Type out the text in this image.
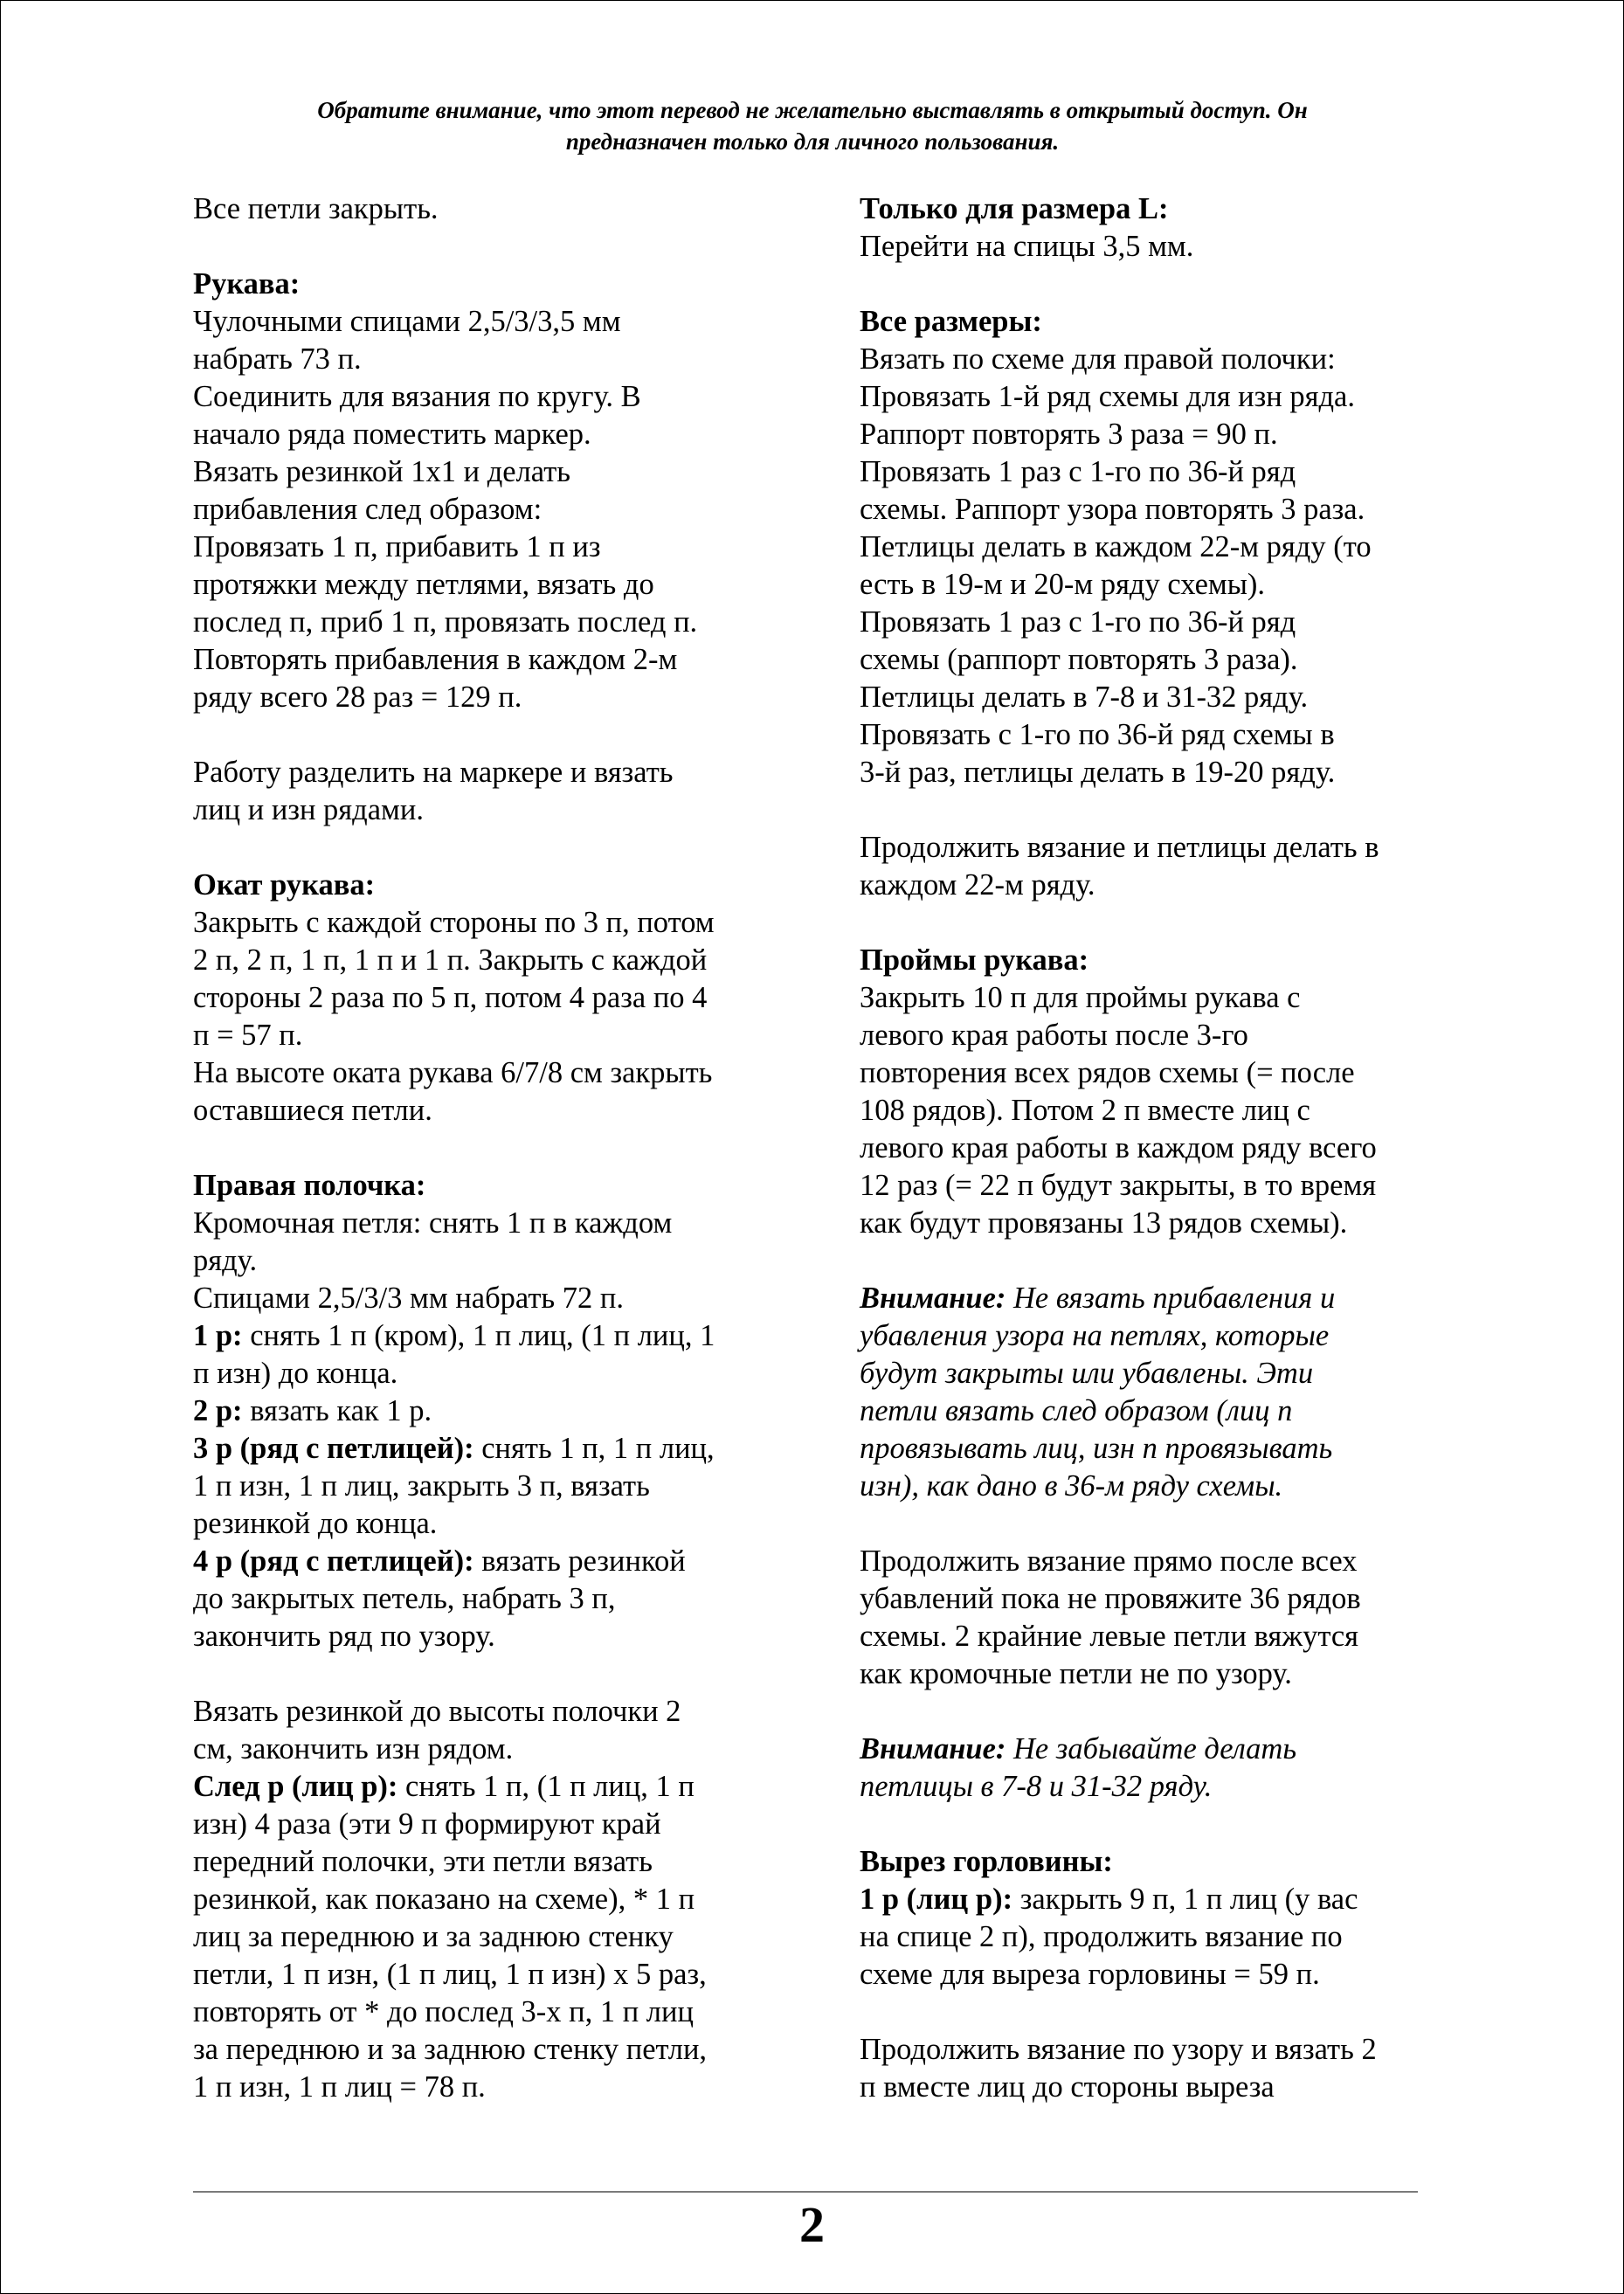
Обратите внимание, что этот перевод не желательно выставлять в открытый доступ. Он
предназначен только для личного пользования.
Все петли закрыть.
Рукава:
Чулочными спицами 2,5/3/3,5 мм
набрать 73 п.
Соединить для вязания по кругу. В
начало ряда поместить маркер.
Вязать резинкой 1х1 и делать
прибавления след образом:
Провязать 1 п, прибавить 1 п из
протяжки между петлями, вязать до
послед п, приб 1 п, провязать послед п.
Повторять прибавления в каждом 2-м
ряду всего 28 раз = 129 п.
Работу разделить на маркере и вязать
лиц и изн рядами.
Окат рукава:
Закрыть с каждой стороны по 3 п, потом
2 п, 2 п, 1 п, 1 п и 1 п. Закрыть с каждой
стороны 2 раза по 5 п, потом 4 раза по 4
п = 57 п.
На высоте оката рукава 6/7/8 см закрыть
оставшиеся петли.
Правая полочка:
Кромочная петля: снять 1 п в каждом
ряду.
Спицами 2,5/3/3 мм набрать 72 п.
1 р: снять 1 п (кром), 1 п лиц, (1 п лиц, 1
п изн) до конца.
2 р: вязать как 1 р.
3 р (ряд с петлицей): снять 1 п, 1 п лиц,
1 п изн, 1 п лиц, закрыть 3 п, вязать
резинкой до конца.
4 р (ряд с петлицей): вязать резинкой
до закрытых петель, набрать 3 п,
закончить ряд по узору.
Вязать резинкой до высоты полочки 2
см, закончить изн рядом.
След р (лиц р): снять 1 п, (1 п лиц, 1 п
изн) 4 раза (эти 9 п формируют край
передний полочки, эти петли вязать
резинкой, как показано на схеме), * 1 п
лиц за переднюю и за заднюю стенку
петли, 1 п изн, (1 п лиц, 1 п изн) х 5 раз,
повторять от * до послед 3-х п, 1 п лиц
за переднюю и за заднюю стенку петли,
1 п изн, 1 п лиц = 78 п.
Только для размера L:
Перейти на спицы 3,5 мм.
Все размеры:
Вязать по схеме для правой полочки:
Провязать 1-й ряд схемы для изн ряда.
Раппорт повторять 3 раза = 90 п.
Провязать 1 раз с 1-го по 36-й ряд
схемы. Раппорт узора повторять 3 раза.
Петлицы делать в каждом 22-м ряду (то
есть в 19-м и 20-м ряду схемы).
Провязать 1 раз с 1-го по 36-й ряд
схемы (раппорт повторять 3 раза).
Петлицы делать в 7-8 и 31-32 ряду.
Провязать с 1-го по 36-й ряд схемы в
3-й раз, петлицы делать в 19-20 ряду.
Продолжить вязание и петлицы делать в
каждом 22-м ряду.
Проймы рукава:
Закрыть 10 п для проймы рукава с
левого края работы после 3-го
повторения всех рядов схемы (= после
108 рядов). Потом 2 п вместе лиц с
левого края работы в каждом ряду всего
12 раз (= 22 п будут закрыты, в то время
как будут провязаны 13 рядов схемы).
Внимание: Не вязать прибавления и
убавления узора на петлях, которые
будут закрыты или убавлены. Эти
петли вязать след образом (лиц п
провязывать лиц, изн п провязывать
изн), как дано в 36-м ряду схемы.
Продолжить вязание прямо после всех
убавлений пока не провяжите 36 рядов
схемы. 2 крайние левые петли вяжутся
как кромочные петли не по узору.
Внимание: Не забывайте делать
петлицы в 7-8 и 31-32 ряду.
Вырез горловины:
1 р (лиц р): закрыть 9 п, 1 п лиц (у вас
на спице 2 п), продолжить вязание по
схеме для выреза горловины = 59 п.
Продолжить вязание по узору и вязать 2
п вместе лиц до стороны выреза
2
